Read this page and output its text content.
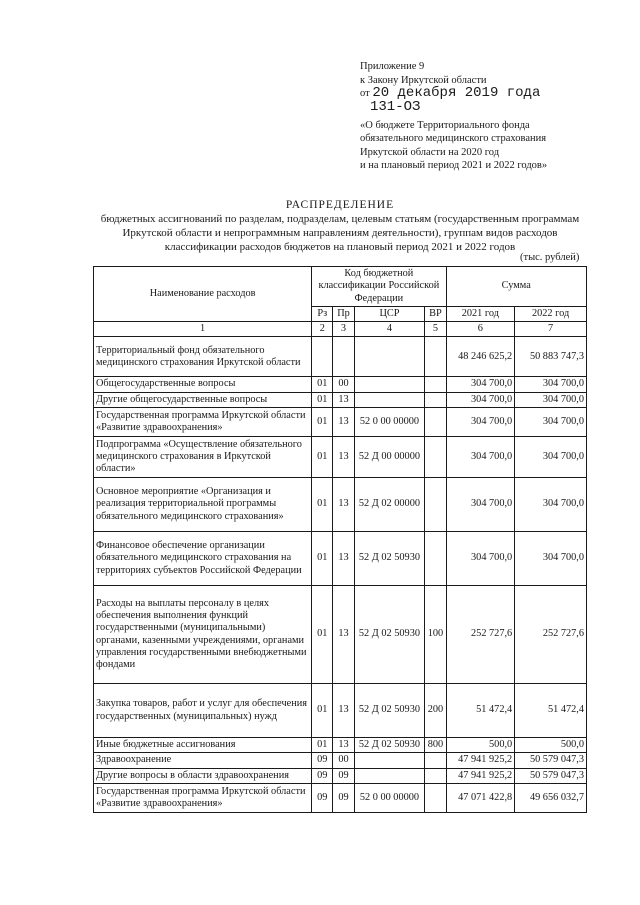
Приложение 9
к Закону Иркутской области
от 20 декабря 2019 года
131-ОЗ
«О бюджете Территориального фонда
обязательного медицинского страхования
Иркутской области на 2020 год
и на плановый период 2021 и 2022 годов»
РАСПРЕДЕЛЕНИЕ
бюджетных ассигнований по разделам, подразделам, целевым статьям (государственным программам
Иркутской области и непрограммным направлениям деятельности), группам видов расходов
классификации расходов бюджетов на плановый период 2021 и 2022 годов
(тыс. рублей)
Наименование расходов	Код бюджетной классификации Российской Федерации				Сумма	
	Рз	Пр	ЦСР	ВР	2021 год	2022 год
1	2	3	4	5	6	7
Территориальный фонд обязательного медицинского страхования Иркутской области					48 246 625,2	50 883 747,3
Общегосударственные вопросы	01	00			304 700,0	304 700,0
Другие общегосударственные вопросы	01	13			304 700,0	304 700,0
Государственная программа Иркутской области «Развитие здравоохранения»	01	13	52 0 00 00000		304 700,0	304 700,0
Подпрограмма «Осуществление обязательного медицинского страхования в Иркутской области»	01	13	52 Д 00 00000		304 700,0	304 700,0
Основное мероприятие «Организация и реализация территориальной программы обязательного медицинского страхования»	01	13	52 Д 02 00000		304 700,0	304 700,0
Финансовое обеспечение организации обязательного медицинского страхования на территориях субъектов Российской Федерации	01	13	52 Д 02 50930		304 700,0	304 700,0
Расходы на выплаты персоналу в целях обеспечения выполнения функций государственными (муниципальными) органами, казенными учреждениями, органами управления государственными внебюджетными фондами	01	13	52 Д 02 50930	100	252 727,6	252 727,6
Закупка товаров, работ и услуг для обеспечения государственных (муниципальных) нужд	01	13	52 Д 02 50930	200	51 472,4	51 472,4
Иные бюджетные ассигнования	01	13	52 Д 02 50930	800	500,0	500,0
Здравоохранение	09	00			47 941 925,2	50 579 047,3
Другие вопросы в области здравоохранения	09	09			47 941 925,2	50 579 047,3
Государственная программа Иркутской области «Развитие здравоохранения»	09	09	52 0 00 00000		47 071 422,8	49 656 032,7
